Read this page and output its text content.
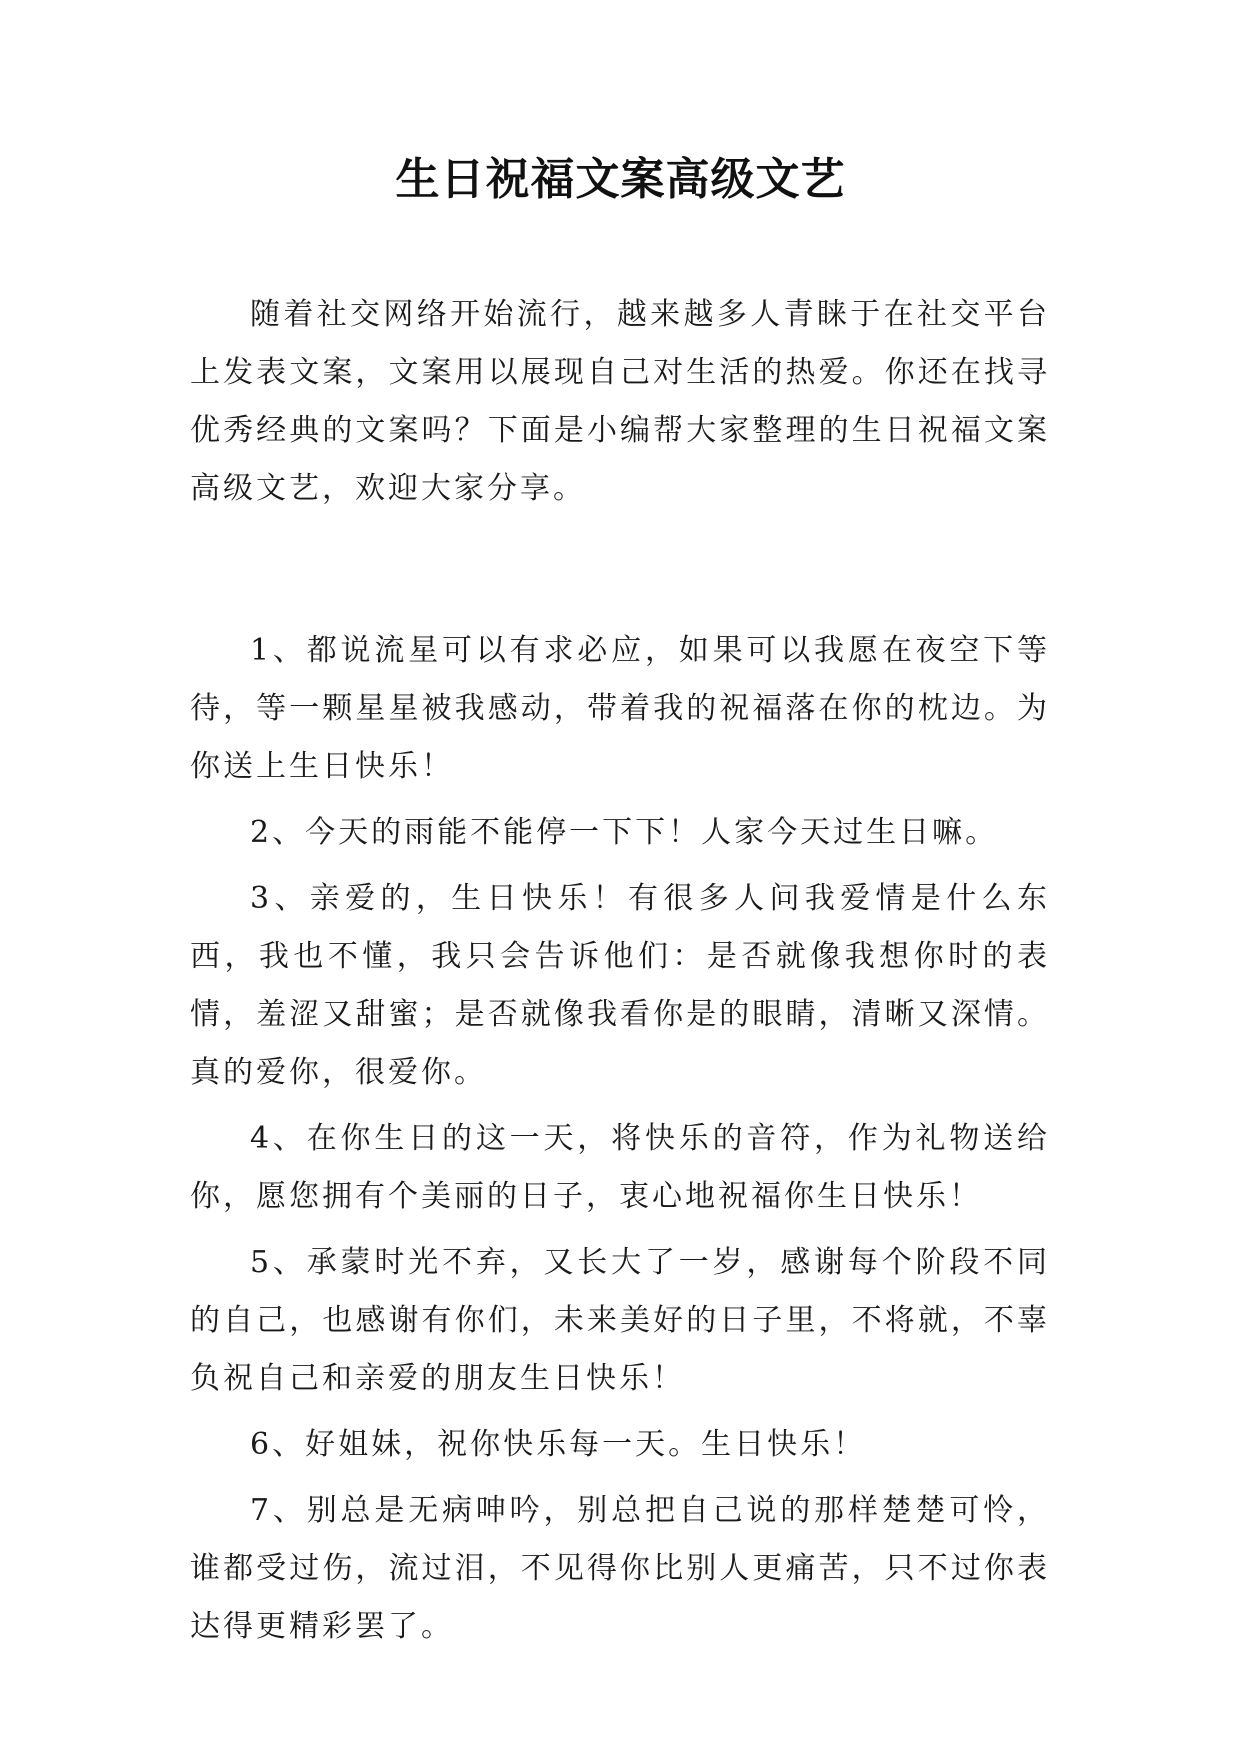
生日祝福文案高级文艺

随着社交网络开始流行，越来越多人青睐于在社交平台上发表文案，文案用以展现自己对生活的热爱。你还在找寻优秀经典的文案吗？下面是小编帮大家整理的生日祝福文案高级文艺，欢迎大家分享。

1、都说流星可以有求必应，如果可以我愿在夜空下等待，等一颗星星被我感动，带着我的祝福落在你的枕边。为你送上生日快乐！

2、今天的雨能不能停一下下！人家今天过生日嘛。

3、亲爱的，生日快乐！有很多人问我爱情是什么东西，我也不懂，我只会告诉他们：是否就像我想你时的表情，羞涩又甜蜜；是否就像我看你是的眼睛，清晰又深情。真的爱你，很爱你。

4、在你生日的这一天，将快乐的音符，作为礼物送给你，愿您拥有个美丽的日子，衷心地祝福你生日快乐！

5、承蒙时光不弃，又长大了一岁，感谢每个阶段不同的自己，也感谢有你们，未来美好的日子里，不将就，不辜负祝自己和亲爱的朋友生日快乐！

6、好姐妹，祝你快乐每一天。生日快乐！

7、别总是无病呻吟，别总把自己说的那样楚楚可怜，谁都受过伤，流过泪，不见得你比别人更痛苦，只不过你表达得更精彩罢了。
